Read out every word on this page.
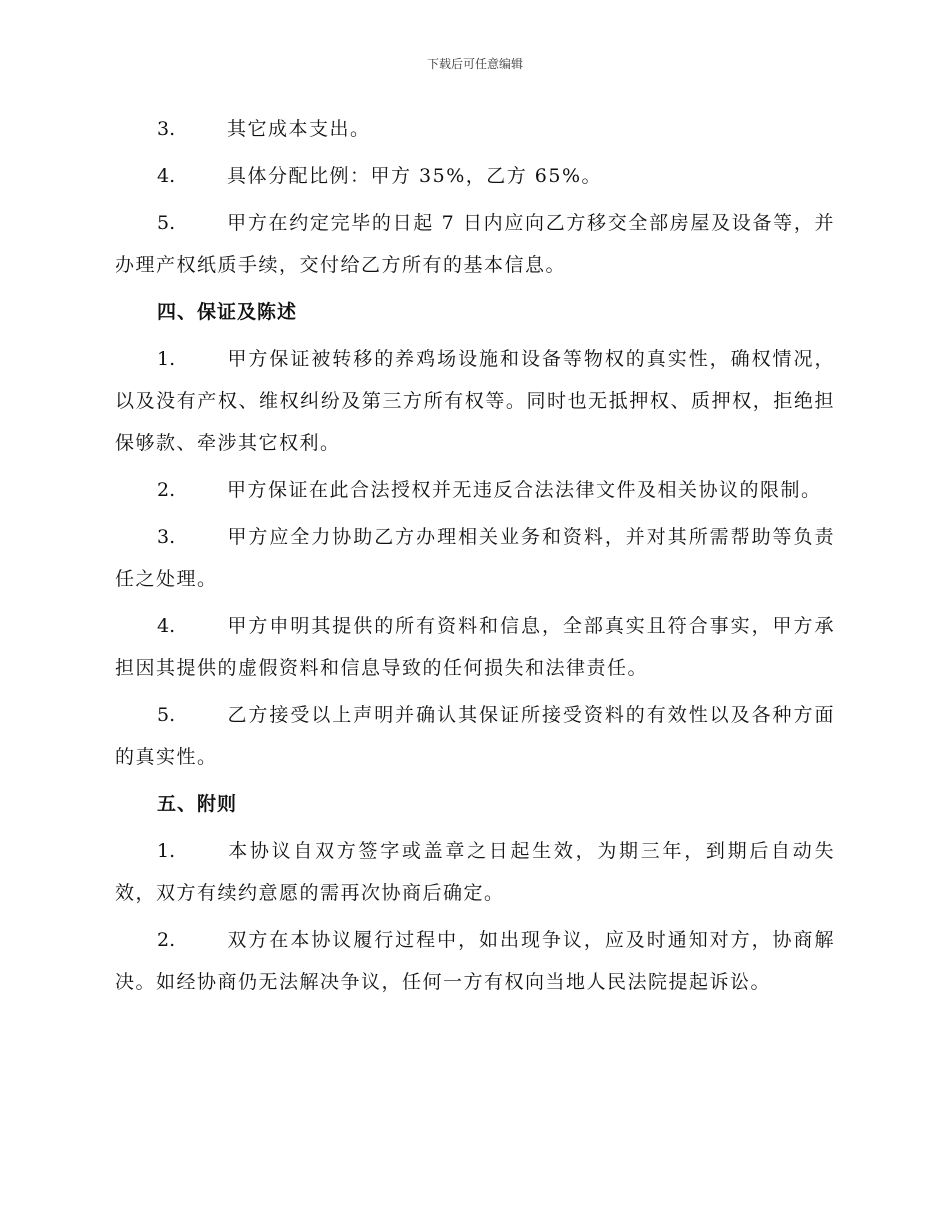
下载后可任意编辑

3.	其它成本支出。

4.	具体分配比例：甲方 35%，乙方 65%。

5.	甲方在约定完毕的日起 7 日内应向乙方移交全部房屋及设备等，并办理产权纸质手续，交付给乙方所有的基本信息。

四、保证及陈述

1.	甲方保证被转移的养鸡场设施和设备等物权的真实性，确权情况，以及没有产权、维权纠纷及第三方所有权等。同时也无抵押权、质押权，拒绝担保够款、牵涉其它权利。

2.	甲方保证在此合法授权并无违反合法法律文件及相关协议的限制。

3.	甲方应全力协助乙方办理相关业务和资料，并对其所需帮助等负责任之处理。

4.	甲方申明其提供的所有资料和信息，全部真实且符合事实，甲方承担因其提供的虚假资料和信息导致的任何损失和法律责任。

5.	乙方接受以上声明并确认其保证所接受资料的有效性以及各种方面的真实性。

五、附则

1.	本协议自双方签字或盖章之日起生效，为期三年，到期后自动失效，双方有续约意愿的需再次协商后确定。

2.	双方在本协议履行过程中，如出现争议，应及时通知对方，协商解决。如经协商仍无法解决争议，任何一方有权向当地人民法院提起诉讼。
